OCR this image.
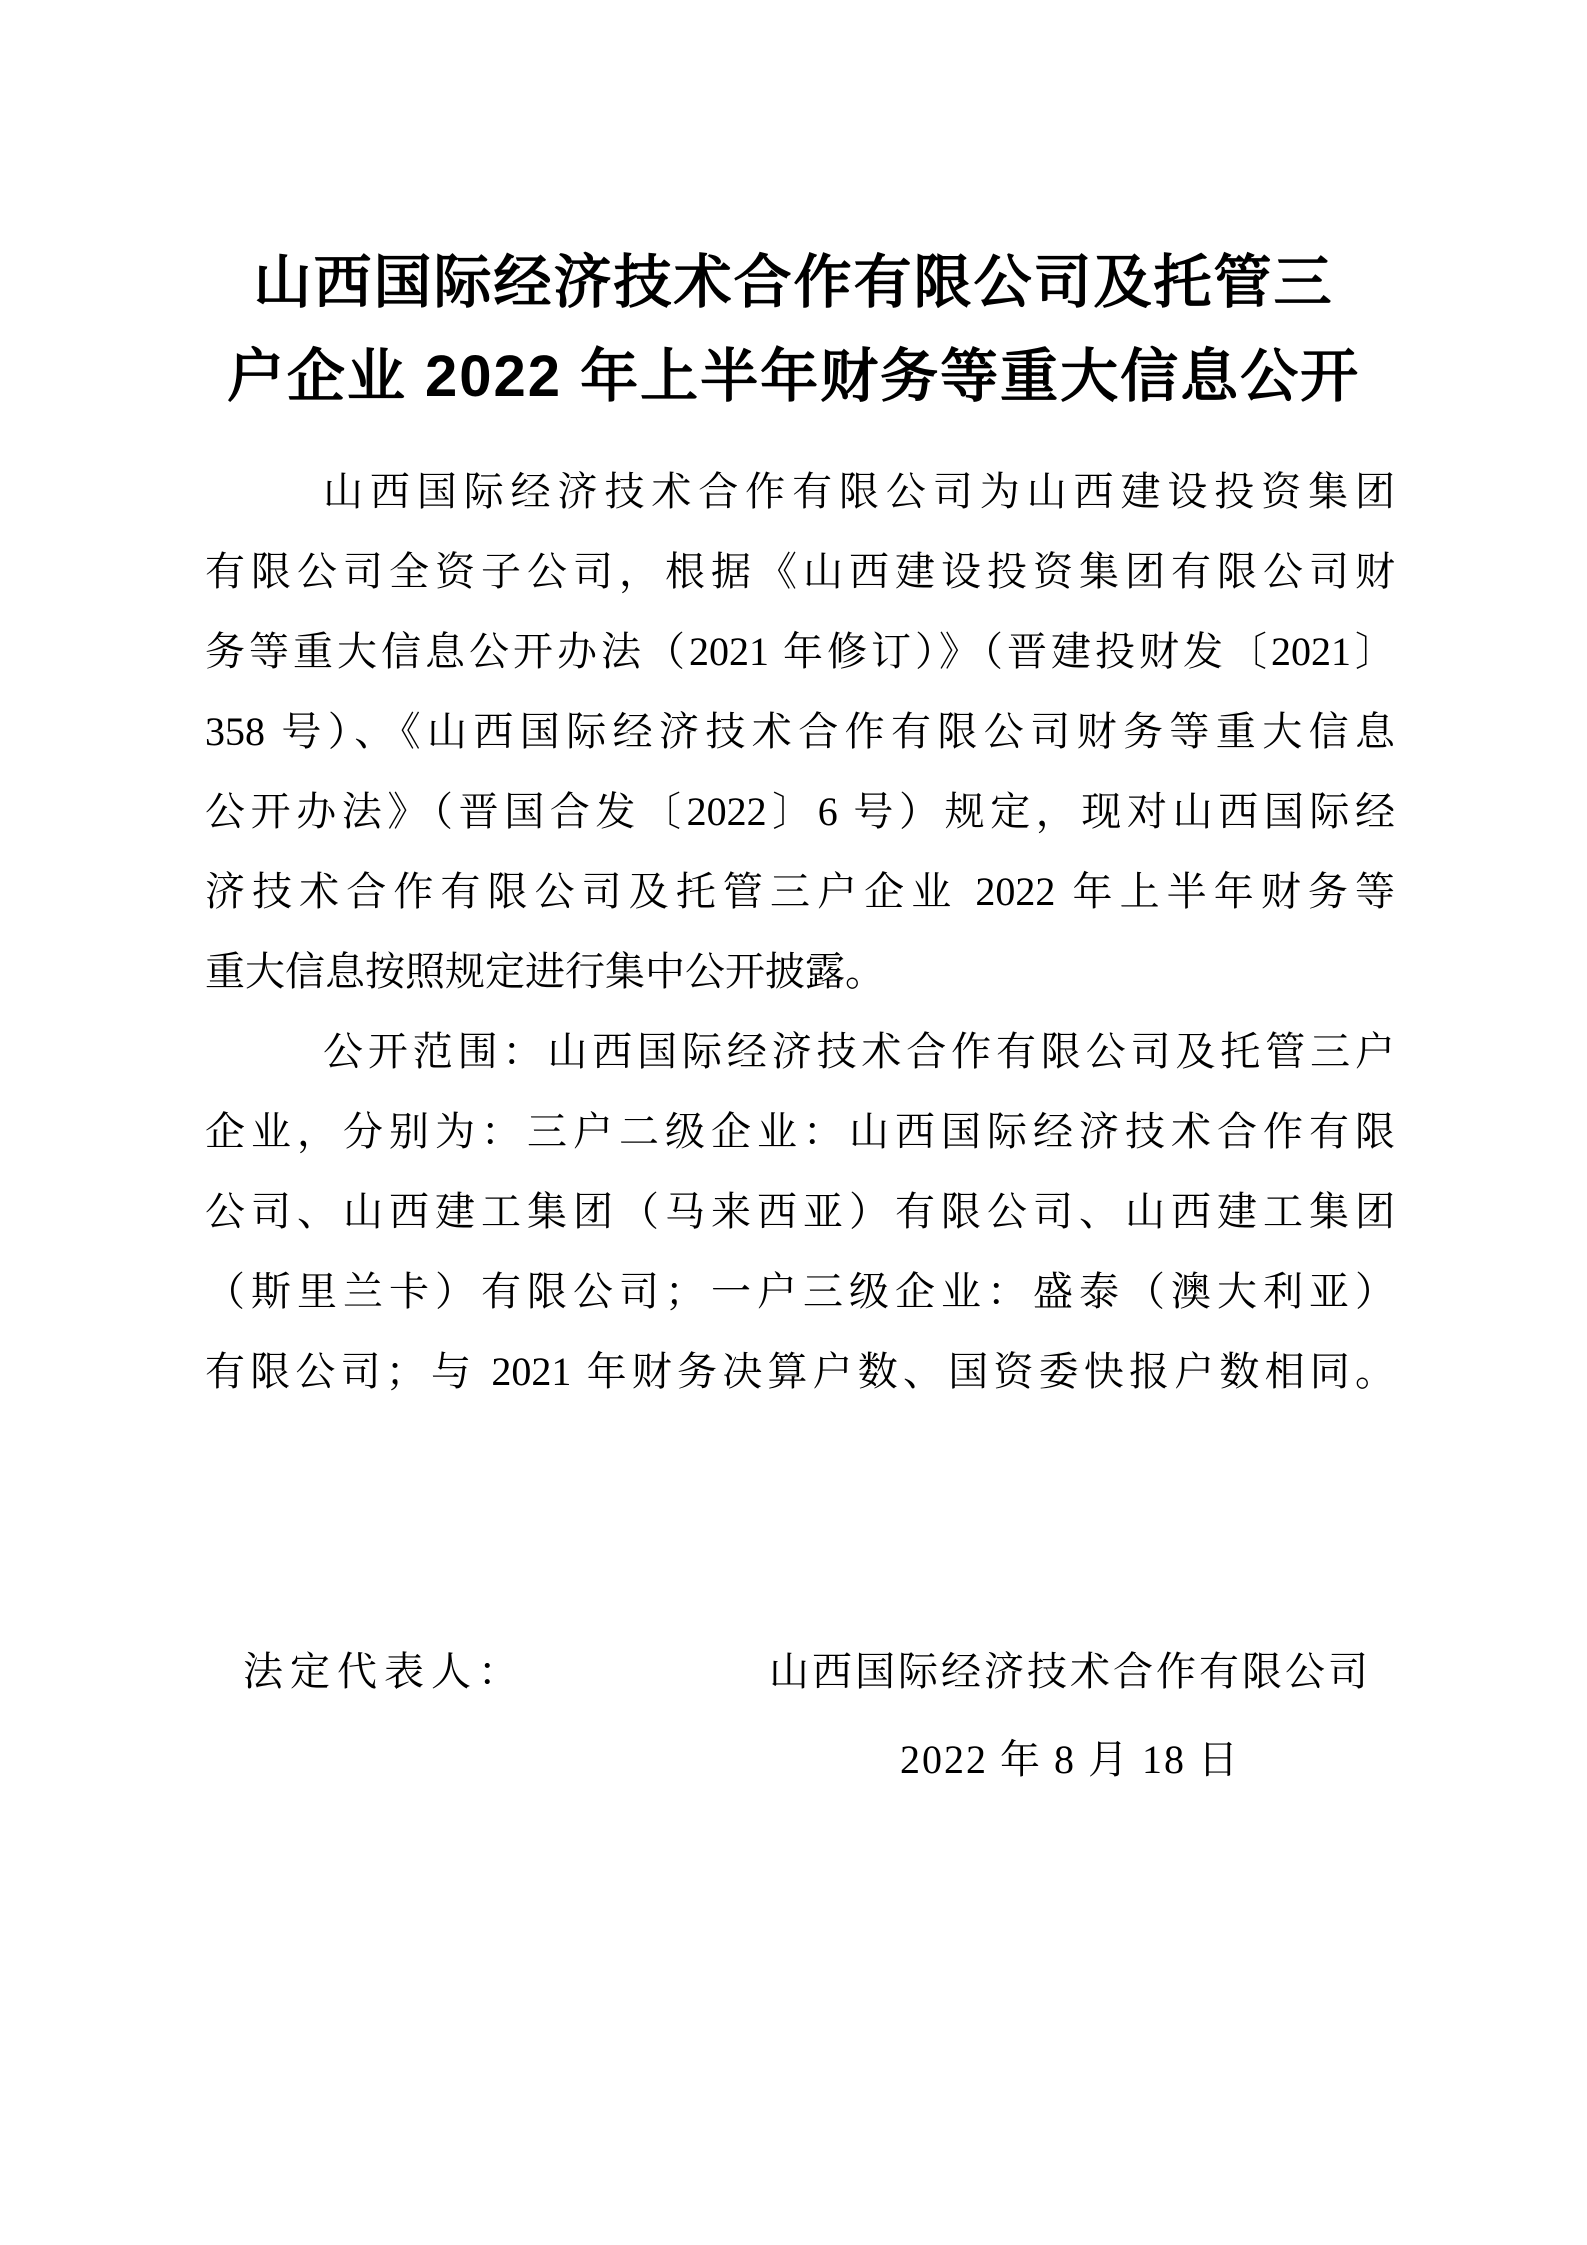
山西国际经济技术合作有限公司及托管三
户企业 2022 年上半年财务等重大信息公开
山西国际经济技术合作有限公司为山西建设投资集团
有限公司全资子公司，根据《山西建设投资集团有限公司财
务等重大信息公开办法（2021 年修订）》（晋建投财发〔2021〕
358 号）、《山西国际经济技术合作有限公司财务等重大信息
公开办法》（晋国合发〔2022〕6 号）规定，现对山西国际经
济技术合作有限公司及托管三户企业 2022 年上半年财务等
重大信息按照规定进行集中公开披露。
公开范围：山西国际经济技术合作有限公司及托管三户
企业，分别为：三户二级企业：山西国际经济技术合作有限
公司、山西建工集团（马来西亚）有限公司、山西建工集团
（斯里兰卡）有限公司；一户三级企业：盛泰（澳大利亚）
有限公司；与 2021 年财务决算户数、国资委快报户数相同。
法定代表人：	山西国际经济技术合作有限公司
2022 年 8 月 18 日
